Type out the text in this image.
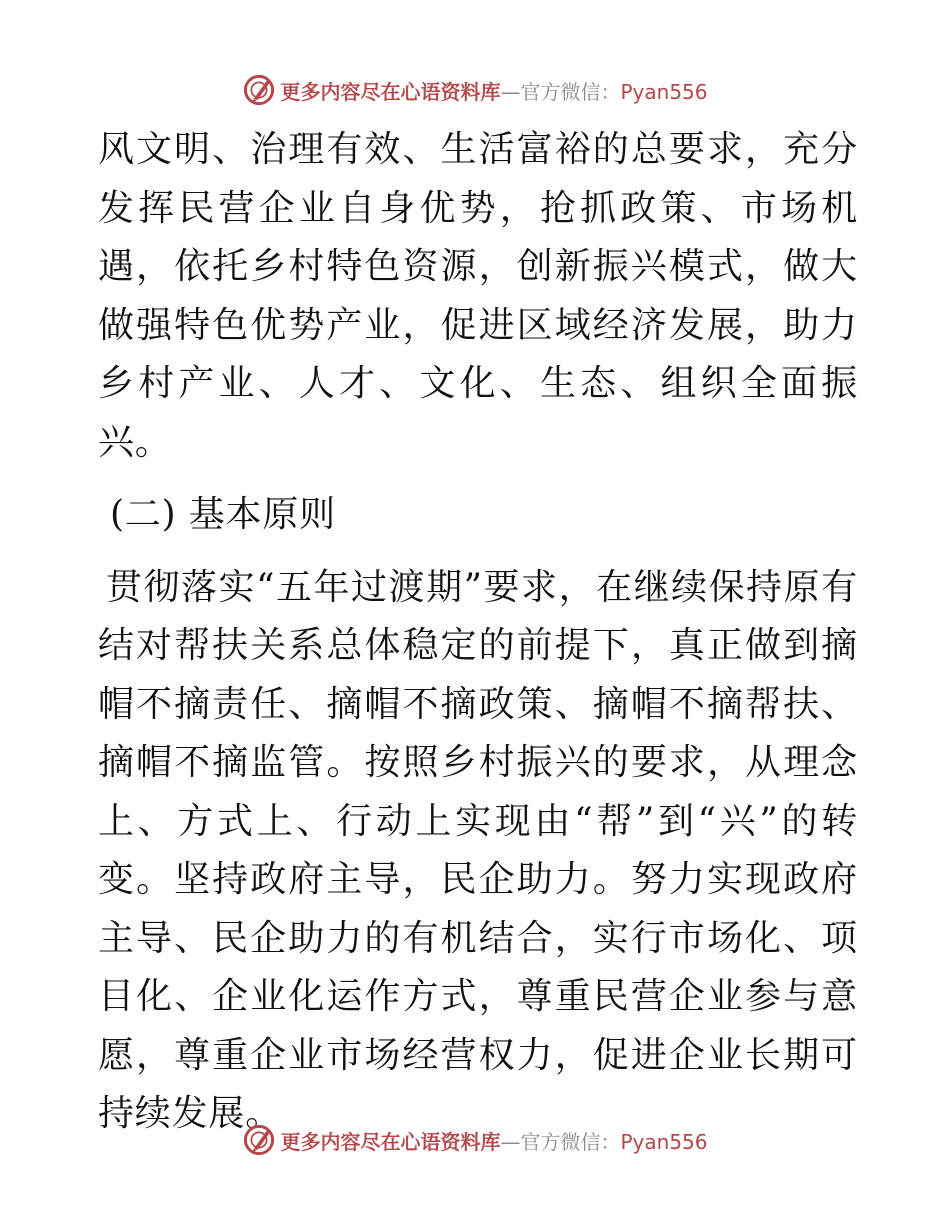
更多内容尽在心语资料库—官方微信：Pyan556

风文明、治理有效、生活富裕的总要求，充分发挥民营企业自身优势，抢抓政策、市场机遇，依托乡村特色资源，创新振兴模式，做大做强特色优势产业，促进区域经济发展，助力乡村产业、人才、文化、生态、组织全面振兴。

(二) 基本原则

贯彻落实“五年过渡期”要求，在继续保持原有结对帮扶关系总体稳定的前提下，真正做到摘帽不摘责任、摘帽不摘政策、摘帽不摘帮扶、摘帽不摘监管。按照乡村振兴的要求，从理念上、方式上、行动上实现由“帮”到“兴”的转变。坚持政府主导，民企助力。努力实现政府主导、民企助力的有机结合，实行市场化、项目化、企业化运作方式，尊重民营企业参与意愿，尊重企业市场经营权力，促进企业长期可持续发展。

更多内容尽在心语资料库—官方微信：Pyan556
